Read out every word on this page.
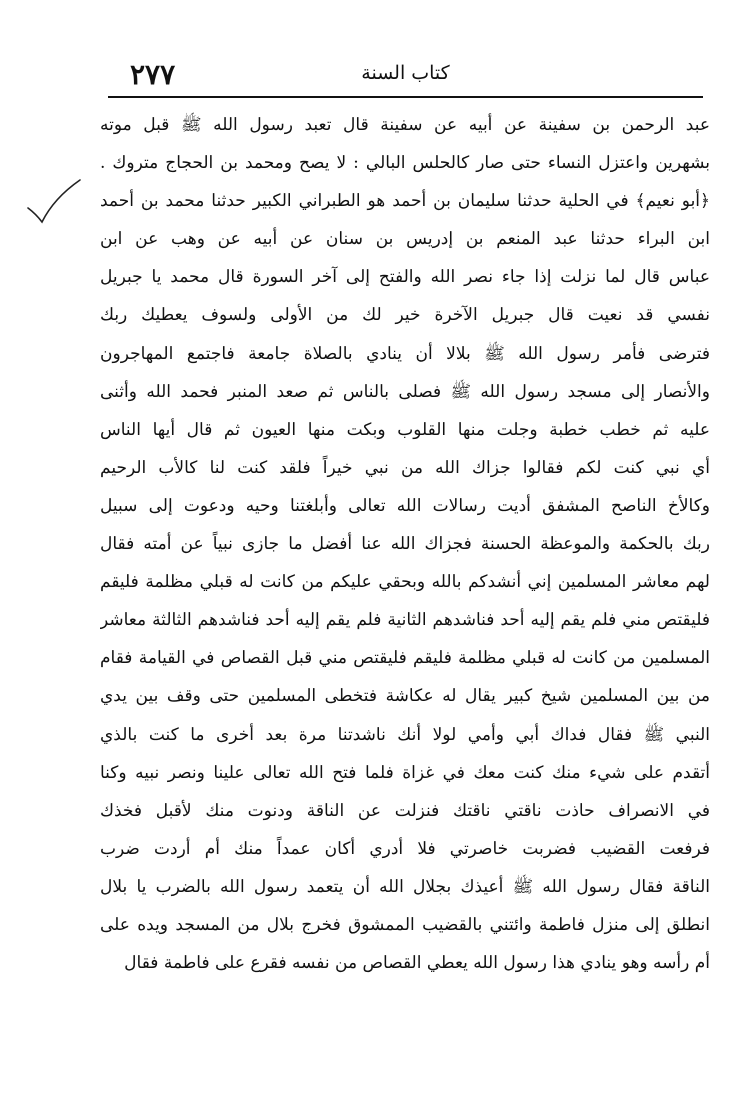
٢٧٧	كتاب السنة
عبد الرحمن بن سفينة عن أبيه عن سفينة قال تعبد رسول الله ﷺ قبل موته
بشهرين واعتزل النساء حتى صار كالحلس البالي : لا يصح ومحمد بن الحجاج متروك .
﴿أبو نعيم﴾ في الحلية حدثنا سليمان بن أحمد هو الطبراني الكبير حدثنا محمد بن أحمد
ابن البراء حدثنا عبد المنعم بن إدريس بن سنان عن أبيه عن وهب عن ابن
عباس قال لما نزلت إذا جاء نصر الله والفتح إلى آخر السورة قال محمد يا جبريل
نفسي قد نعيت قال جبريل الآخرة خير لك من الأولى ولسوف يعطيك ربك
فترضى فأمر رسول الله ﷺ بلالا أن ينادي بالصلاة جامعة فاجتمع المهاجرون
والأنصار إلى مسجد رسول الله ﷺ فصلى بالناس ثم صعد المنبر فحمد الله وأثنى
عليه ثم خطب خطبة وجلت منها القلوب وبكت منها العيون ثم قال أيها الناس
أي نبي كنت لكم فقالوا جزاك الله من نبي خيراً فلقد كنت لنا كالأب الرحيم
وكالأخ الناصح المشفق أديت رسالات الله تعالى وأبلغتنا وحيه ودعوت إلى سبيل
ربك بالحكمة والموعظة الحسنة فجزاك الله عنا أفضل ما جازى نبياً عن أمته فقال
لهم معاشر المسلمين إني أنشدكم بالله وبحقي عليكم من كانت له قبلي مظلمة فليقم
فليقتص مني فلم يقم إليه أحد فناشدهم الثانية فلم يقم إليه أحد فناشدهم الثالثة معاشر
المسلمين من كانت له قبلي مظلمة فليقم فليقتص مني قبل القصاص في القيامة فقام
من بين المسلمين شيخ كبير يقال له عكاشة فتخطى المسلمين حتى وقف بين يدي
النبي ﷺ فقال فداك أبي وأمي لولا أنك ناشدتنا مرة بعد أخرى ما كنت بالذي
أتقدم على شيء منك كنت معك في غزاة فلما فتح الله تعالى علينا ونصر نبيه وكنا
في الانصراف حاذت ناقتي ناقتك فنزلت عن الناقة ودنوت منك لأقبل فخذك
فرفعت القضيب فضربت خاصرتي فلا أدري أكان عمداً منك أم أردت ضرب
الناقة فقال رسول الله ﷺ أعيذك بجلال الله أن يتعمد رسول الله بالضرب يا بلال
انطلق إلى منزل فاطمة وائتني بالقضيب الممشوق فخرج بلال من المسجد ويده على
أم رأسه وهو ينادي هذا رسول الله يعطي القصاص من نفسه فقرع على فاطمة فقال
